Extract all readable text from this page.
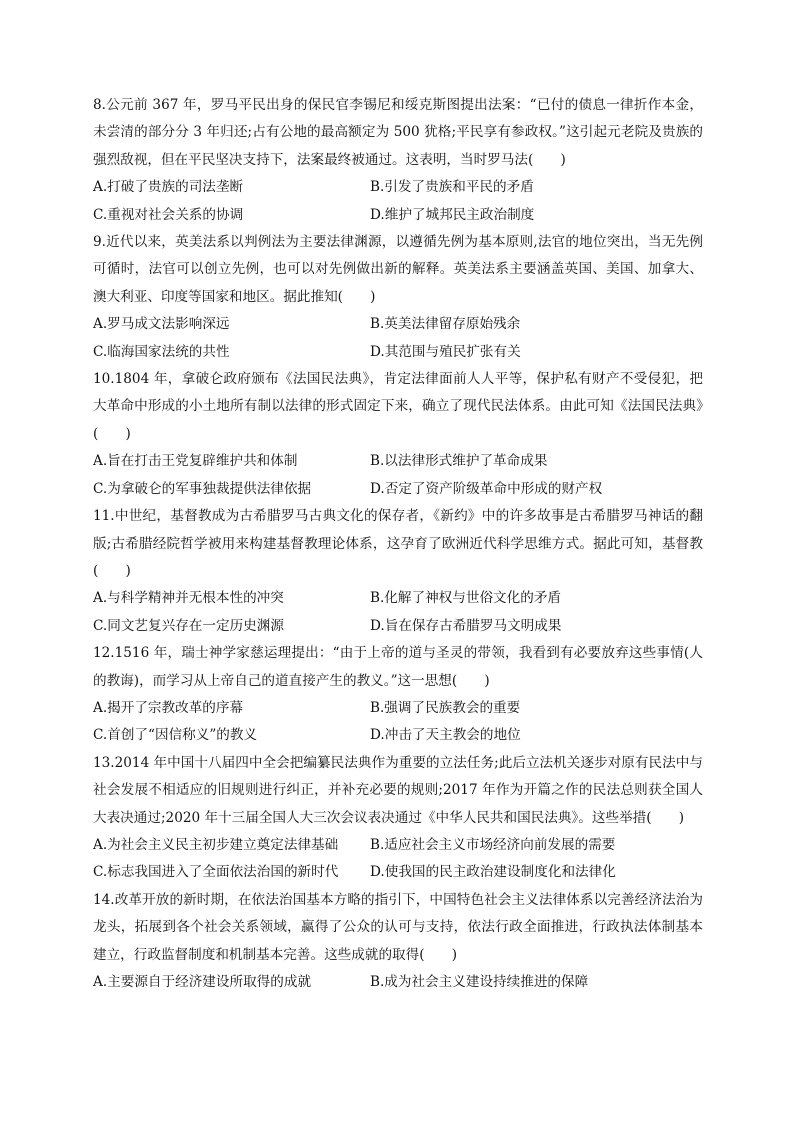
8.公元前 367 年，罗马平民出身的保民官李锡尼和绥克斯图提出法案：“已付的债息一律折作本金，未尝清的部分分 3 年归还;占有公地的最高额定为 500 犹格;平民享有参政权。”这引起元老院及贵族的强烈敌视，但在平民坚决支持下，法案最终被通过。这表明，当时罗马法(　　)

A.打破了贵族的司法垄断	B.引发了贵族和平民的矛盾
C.重视对社会关系的协调	D.维护了城邦民主政治制度

9.近代以来，英美法系以判例法为主要法律渊源，以遵循先例为基本原则,法官的地位突出，当无先例可循时，法官可以创立先例，也可以对先例做出新的解释。英美法系主要涵盖英国、美国、加拿大、澳大利亚、印度等国家和地区。据此推知(　　)

A.罗马成文法影响深远	B.英美法律留存原始残余
C.临海国家法统的共性	D.其范围与殖民扩张有关

10.1804 年，拿破仑政府颁布《法国民法典》，肯定法律面前人人平等，保护私有财产不受侵犯，把大革命中形成的小土地所有制以法律的形式固定下来，确立了现代民法体系。由此可知《法国民法典》(　　)

A.旨在打击王党复辟维护共和体制	B.以法律形式维护了革命成果
C.为拿破仑的军事独裁提供法律依据	D.否定了资产阶级革命中形成的财产权

11.中世纪，基督教成为古希腊罗马古典文化的保存者，《新约》中的许多故事是古希腊罗马神话的翻版;古希腊经院哲学被用来构建基督教理论体系，这孕育了欧洲近代科学思维方式。据此可知，基督教(　　)

A.与科学精神并无根本性的冲突	B.化解了神权与世俗文化的矛盾
C.同文艺复兴存在一定历史渊源	D.旨在保存古希腊罗马文明成果

12.1516 年，瑞士神学家慈运理提出：“由于上帝的道与圣灵的带领，我看到有必要放弃这些事情(人的教诲)，而学习从上帝自己的道直接产生的教义。”这一思想(　　)

A.揭开了宗教改革的序幕	B.强调了民族教会的重要
C.首创了“因信称义”的教义	D.冲击了天主教会的地位

13.2014 年中国十八届四中全会把编纂民法典作为重要的立法任务;此后立法机关逐步对原有民法中与社会发展不相适应的旧规则进行纠正，并补充必要的规则;2017 年作为开篇之作的民法总则获全国人大表决通过;2020 年十三届全国人大三次会议表决通过《中华人民共和国民法典》。这些举措(　　)

A.为社会主义民主初步建立奠定法律基础	B.适应社会主义市场经济向前发展的需要
C.标志我国进入了全面依法治国的新时代	D.使我国的民主政治建设制度化和法律化

14.改革开放的新时期，在依法治国基本方略的指引下，中国特色社会主义法律体系以完善经济法治为龙头，拓展到各个社会关系领域，赢得了公众的认可与支持，依法行政全面推进，行政执法体制基本建立，行政监督制度和机制基本完善。这些成就的取得(　　)

A.主要源自于经济建设所取得的成就	B.成为社会主义建设持续推进的保障
